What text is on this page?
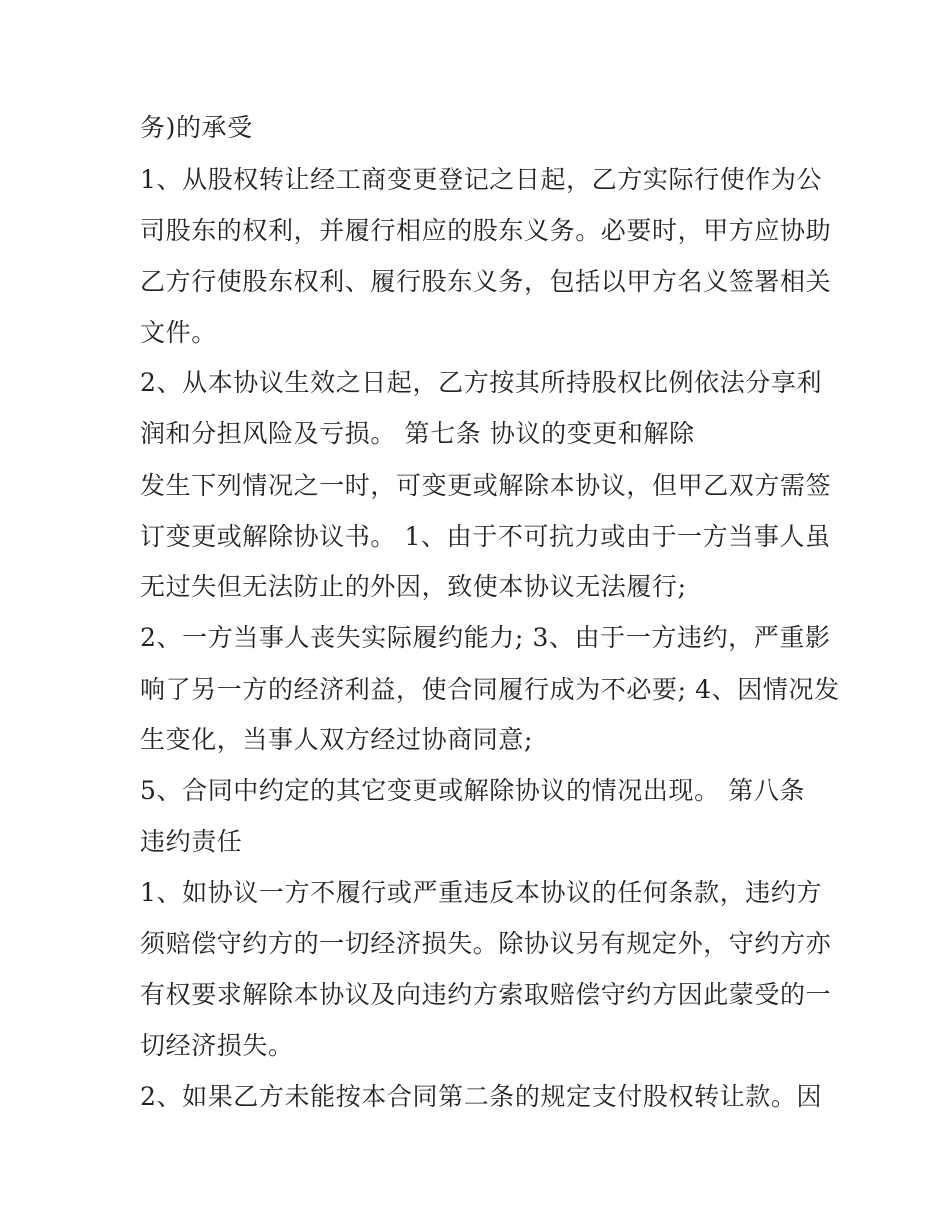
务)的承受
1、从股权转让经工商变更登记之日起，乙方实际行使作为公
司股东的权利，并履行相应的股东义务。必要时，甲方应协助
乙方行使股东权利、履行股东义务，包括以甲方名义签署相关
文件。
2、从本协议生效之日起，乙方按其所持股权比例依法分享利
润和分担风险及亏损。 第七条 协议的变更和解除
发生下列情况之一时，可变更或解除本协议，但甲乙双方需签
订变更或解除协议书。 1、由于不可抗力或由于一方当事人虽
无过失但无法防止的外因，致使本协议无法履行;
2、一方当事人丧失实际履约能力; 3、由于一方违约，严重影
响了另一方的经济利益，使合同履行成为不必要; 4、因情况发
生变化，当事人双方经过协商同意;
5、合同中约定的其它变更或解除协议的情况出现。 第八条
违约责任
1、如协议一方不履行或严重违反本协议的任何条款，违约方
须赔偿守约方的一切经济损失。除协议另有规定外，守约方亦
有权要求解除本协议及向违约方索取赔偿守约方因此蒙受的一
切经济损失。
2、如果乙方未能按本合同第二条的规定支付股权转让款。因
